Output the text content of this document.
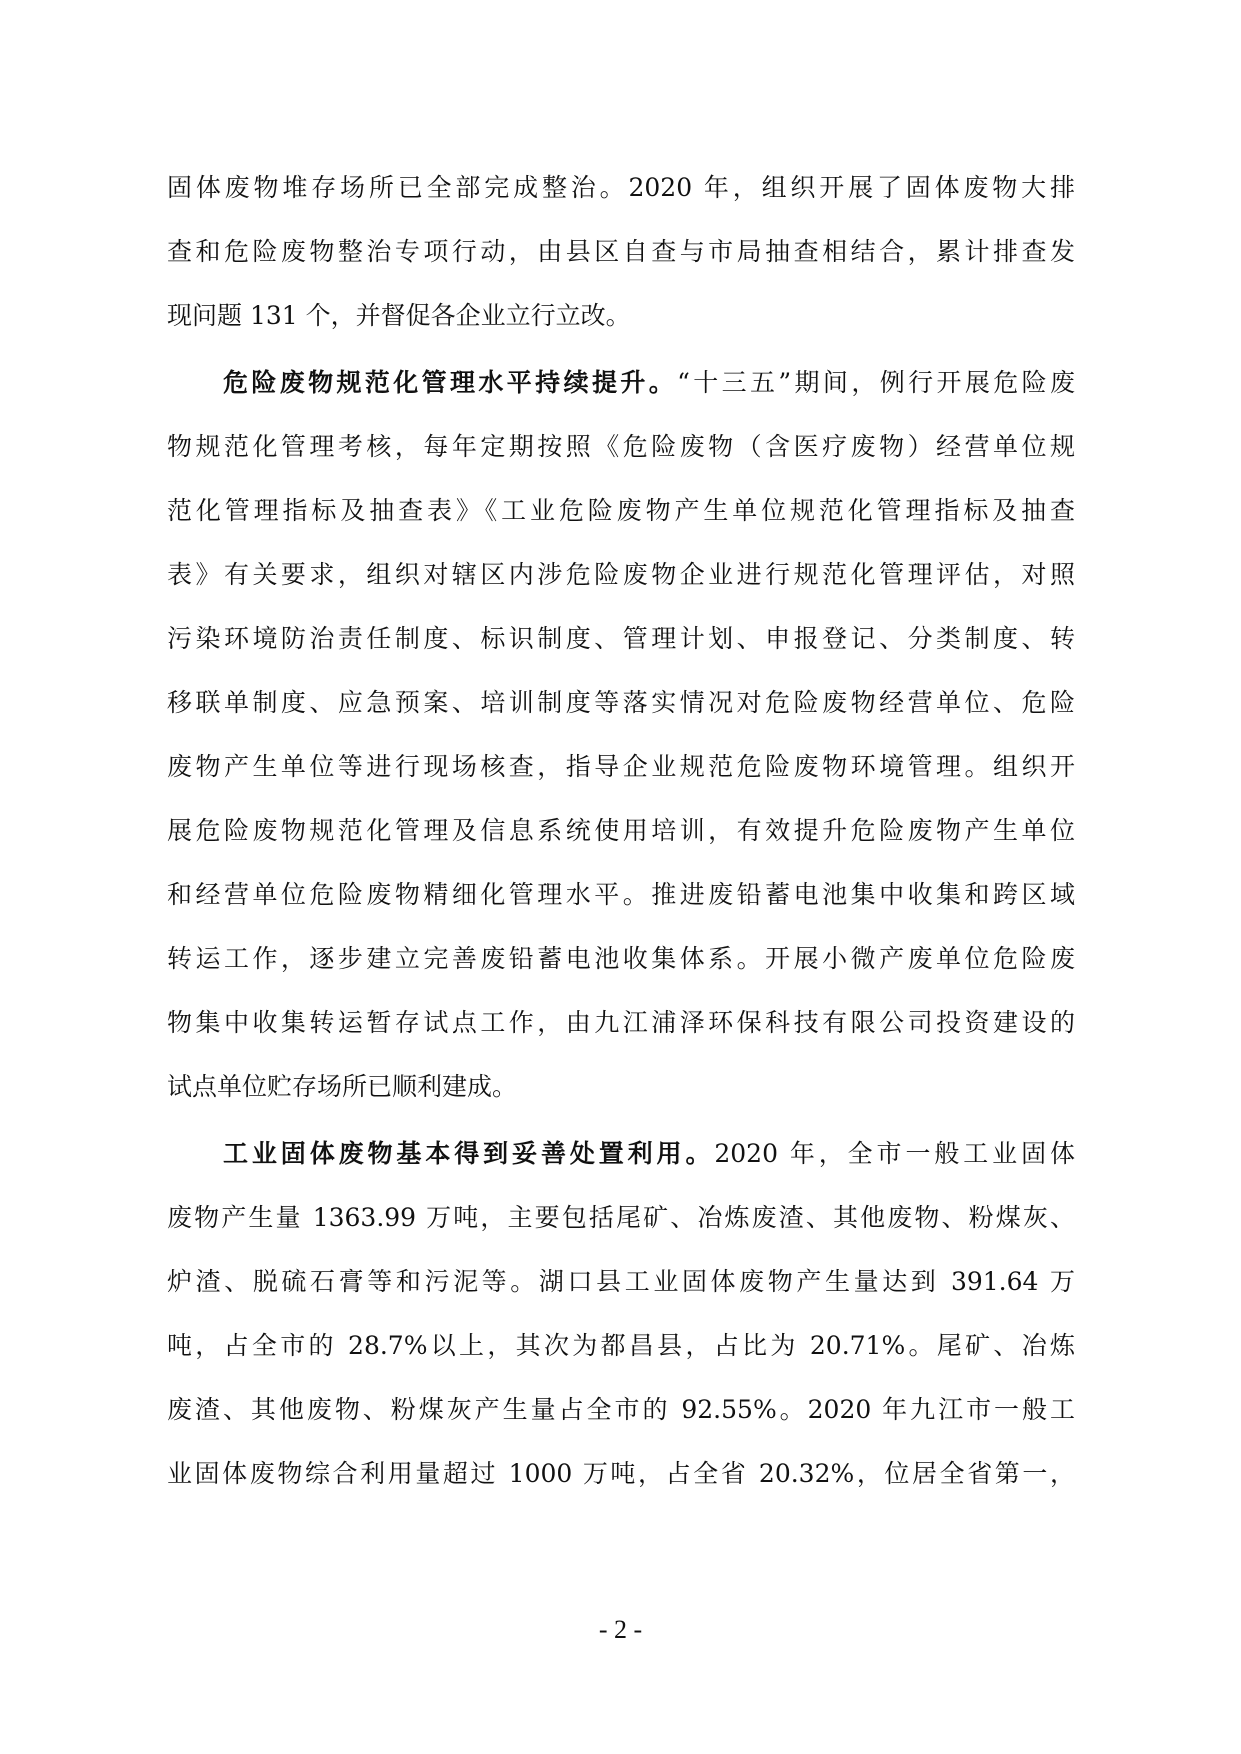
固体废物堆存场所已全部完成整治。2020 年，组织开展了固体废物大排
查和危险废物整治专项行动，由县区自查与市局抽查相结合，累计排查发
现问题 131 个，并督促各企业立行立改。
危险废物规范化管理水平持续提升。“十三五”期间，例行开展危险废
物规范化管理考核，每年定期按照《危险废物（含医疗废物）经营单位规
范化管理指标及抽查表》《工业危险废物产生单位规范化管理指标及抽查
表》有关要求，组织对辖区内涉危险废物企业进行规范化管理评估，对照
污染环境防治责任制度、标识制度、管理计划、申报登记、分类制度、转
移联单制度、应急预案、培训制度等落实情况对危险废物经营单位、危险
废物产生单位等进行现场核查，指导企业规范危险废物环境管理。组织开
展危险废物规范化管理及信息系统使用培训，有效提升危险废物产生单位
和经营单位危险废物精细化管理水平。推进废铅蓄电池集中收集和跨区域
转运工作，逐步建立完善废铅蓄电池收集体系。开展小微产废单位危险废
物集中收集转运暂存试点工作，由九江浦泽环保科技有限公司投资建设的
试点单位贮存场所已顺利建成。
工业固体废物基本得到妥善处置利用。2020 年，全市一般工业固体
废物产生量 1363.99 万吨，主要包括尾矿、冶炼废渣、其他废物、粉煤灰、
炉渣、脱硫石膏等和污泥等。湖口县工业固体废物产生量达到 391.64 万
吨，占全市的 28.7%以上，其次为都昌县，占比为 20.71%。尾矿、冶炼
废渣、其他废物、粉煤灰产生量占全市的 92.55%。2020 年九江市一般工
业固体废物综合利用量超过 1000 万吨，占全省 20.32%，位居全省第一，
- 2 -
